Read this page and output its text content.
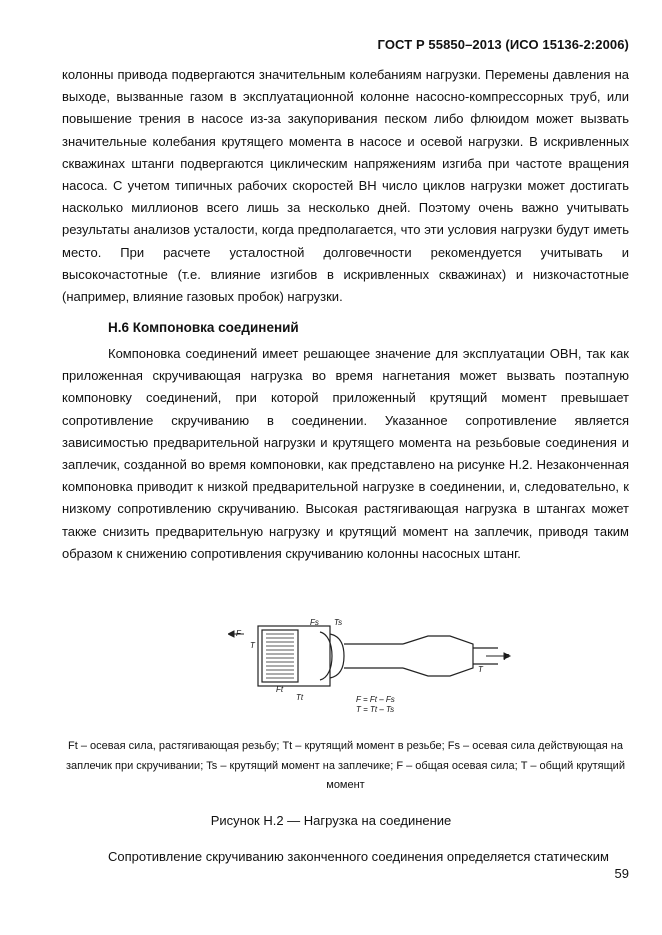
ГОСТ Р 55850–2013 (ИСО 15136-2:2006)

колонны привода подвергаются значительным колебаниям нагрузки. Перемены давления на выходе, вызванные газом в эксплуатационной колонне насосно-компрессорных труб, или повышение трения в насосе из-за закупоривания песком либо флюидом может вызвать значительные колебания крутящего момента в насосе и осевой нагрузки. В искривленных скважинах штанги подвергаются циклическим напряжениям изгиба при частоте вращения насоса. С учетом типичных рабочих скоростей ВН число циклов нагрузки может достигать насколько миллионов всего лишь за несколько дней. Поэтому очень важно учитывать результаты анализов усталости, когда предполагается, что эти условия нагрузки будут иметь место. При расчете усталостной долговечности рекомендуется учитывать и высокочастотные (т.е. влияние изгибов в искривленных скважинах) и низкочастотные (например, влияние газовых пробок) нагрузки.

Н.6 Компоновка соединений

Компоновка соединений имеет решающее значение для эксплуатации ОВН, так как приложенная скручивающая нагрузка во время нагнетания может вызвать поэтапную компоновку соединений, при которой приложенный крутящий момент превышает сопротивление скручиванию в соединении. Указанное сопротивление является зависимостью предварительной нагрузки и крутящего момента на резьбовые соединения и заплечик, созданной во время компоновки, как представлено на рисунке Н.2. Незаконченная компоновка приводит к низкой предварительной нагрузке в соединении, и, следовательно, к низкому сопротивлению скручиванию. Высокая растягивающая нагрузка в штангах может также снизить предварительную нагрузку и крутящий момент на заплечик, приводя таким образом к снижению сопротивления скручиванию колонны насосных штанг.

F
T
Fs Ts
Ft
Tt
F
T
F = Ft – Fs
T = Tt – Ts

Ft – осевая сила, растягивающая резьбу; Tt – крутящий момент в резьбе; Fs – осевая сила действующая на заплечик при скручивании; Ts – крутящий момент на заплечике; F – общая осевая сила; T – общий крутящий момент

Рисунок Н.2 — Нагрузка на соединение

Сопротивление скручиванию законченного соединения определяется статическим

59
